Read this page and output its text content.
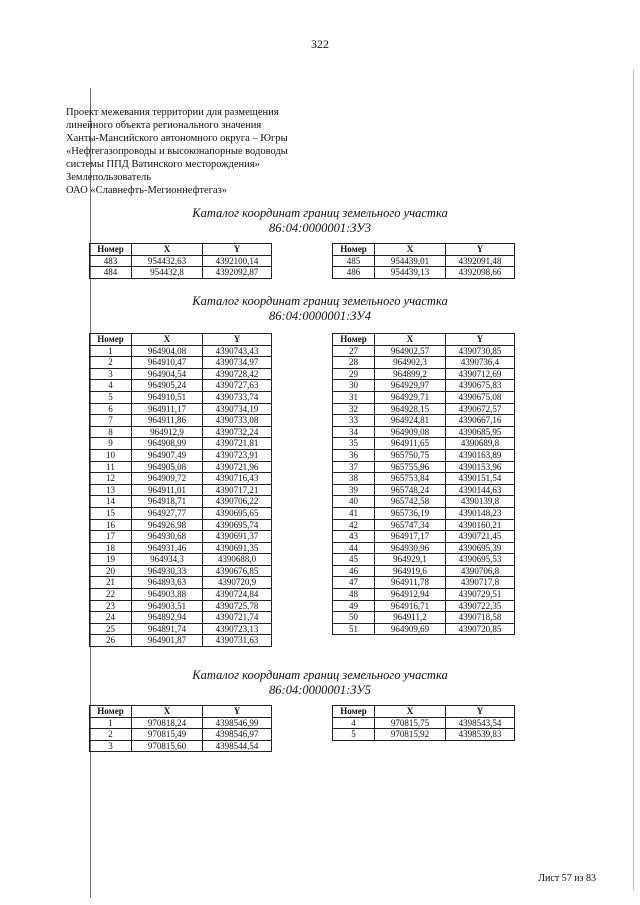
322
Проект межевания территории для размещения
линейного объекта регионального значения
Ханты-Мансийского автономного округа – Югры
«Нефтегазопроводы и высоконапорные водоводы
системы ППД Ватинского месторождения»
Землепользователь
ОАО «Славнефть-Мегионнефтегаз»
Каталог координат границ земельного участка
86:04:0000001:ЗУ3
Номер	X	Y
483	954432,63	4392100,14
484	954432,8	4392092,87
Номер	X	Y
485	954439,01	4392091,48
486	954439,13	4392098,66
Каталог координат границ земельного участка
86:04:0000001:ЗУ4
Номер	X	Y
1	964904,08	4390743,43
2	964910,47	4390734,97
3	964904,54	4390728,42
4	964905,24	4390727,63
5	964910,51	4390733,74
6	964911,17	4390734,19
7	964911,86	4390733,08
8	964912,9	4390732,24
9	964908,99	4390721,81
10	964907,49	4390723,91
11	964905,08	4390721,96
12	964909,72	4390716,43
13	964911,01	4390717,21
14	964918,71	4390706,22
15	964927,77	4390695,65
16	964926,98	4390695,74
17	964930,68	4390691,37
18	964931,46	4390691,35
19	964934,3	4390688,0
20	964930,33	4390676,85
21	964893,63	4390720,9
22	964903,88	4390724,84
23	964903,51	4390725,78
24	964892,94	4390721,74
25	964891,74	4390723,13
26	964901,87	4390731,63
Номер	X	Y
27	964902,57	4390730,85
28	964902,3	4390736,4
29	964899,2	4390712,69
30	964929,97	4390675,83
31	964929,71	4390675,08
32	964928,15	4390672,57
33	964924,81	4390667,16
34	964909,08	4390685,95
35	964911,65	4390689,8
36	965750,75	4390163,89
37	965755,96	4390153,96
38	965753,84	4390151,54
39	965748,24	4390144,63
40	965742,58	4390139,8
41	965736,19	4390148,23
42	965747,34	4390160,21
43	964917,17	4390721,45
44	964930,96	4390695,39
45	964929,1	4390695,53
46	964919,6	4390706,8
47	964911,78	4390717,8
48	964912,94	4390729,51
49	964916,71	4390722,35
50	964911,2	4390718,58
51	964909,69	4390720,85
Каталог координат границ земельного участка
86:04:0000001:ЗУ5
Номер	X	Y
1	970818,24	4398546,99
2	970815,49	4398546,97
3	970815,60	4398544,54
Номер	X	Y
4	970815,75	4398543,54
5	970815,92	4398539,83
Лист 57 из 83
